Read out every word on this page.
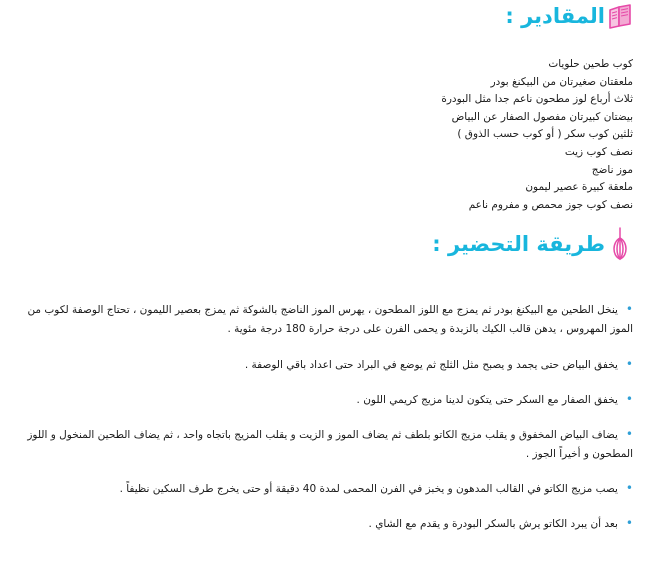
المقادير :
كوب طحين حلويات
ملعقتان صغيرتان من البيكنغ بودر
ثلاث أرباع لوز مطحون ناعم جدا مثل البودرة
بيضتان كبيرتان مفصول الصفار عن البياض
ثلثين كوب سكر ( أو كوب حسب الذوق )
نصف كوب زيت
موز ناضج
ملعقة كبيرة عصير ليمون
نصف كوب جوز محمص و مفروم ناعم
طريقة التحضير :
•ينخل الطحين مع البيكنغ بودر ثم يمزج مع اللوز المطحون ، يهرس الموز الناضج بالشوكة ثم يمزج بعصير الليمون ، تحتاج الوصفة لكوب من الموز المهروس ، يدهن قالب الكيك بالزبدة و يحمى الفرن على درجة حرارة 180 درجة مئوية .
•يخفق البياض حتى يجمد و يصبح مثل الثلج ثم يوضع في البراد حتى اعداد باقي الوصفة .
•يخفق الصفار مع السكر حتى يتكون لدينا مزيج كريمي اللون .
•يضاف البياض المخفوق و يقلب مزيج الكاتو بلطف ثم يضاف الموز و الزيت و يقلب المزيج باتجاه واحد ، ثم يضاف الطحين المنخول و اللوز المطحون و أخيراً الجوز .
•يصب مزيج الكاتو في القالب المدهون و يخبز في الفرن المحمى لمدة 40 دقيقة أو حتى يخرج طرف السكين نظيفاً .
•بعد أن يبرد الكاتو يرش بالسكر البودرة و يقدم مع الشاي .
